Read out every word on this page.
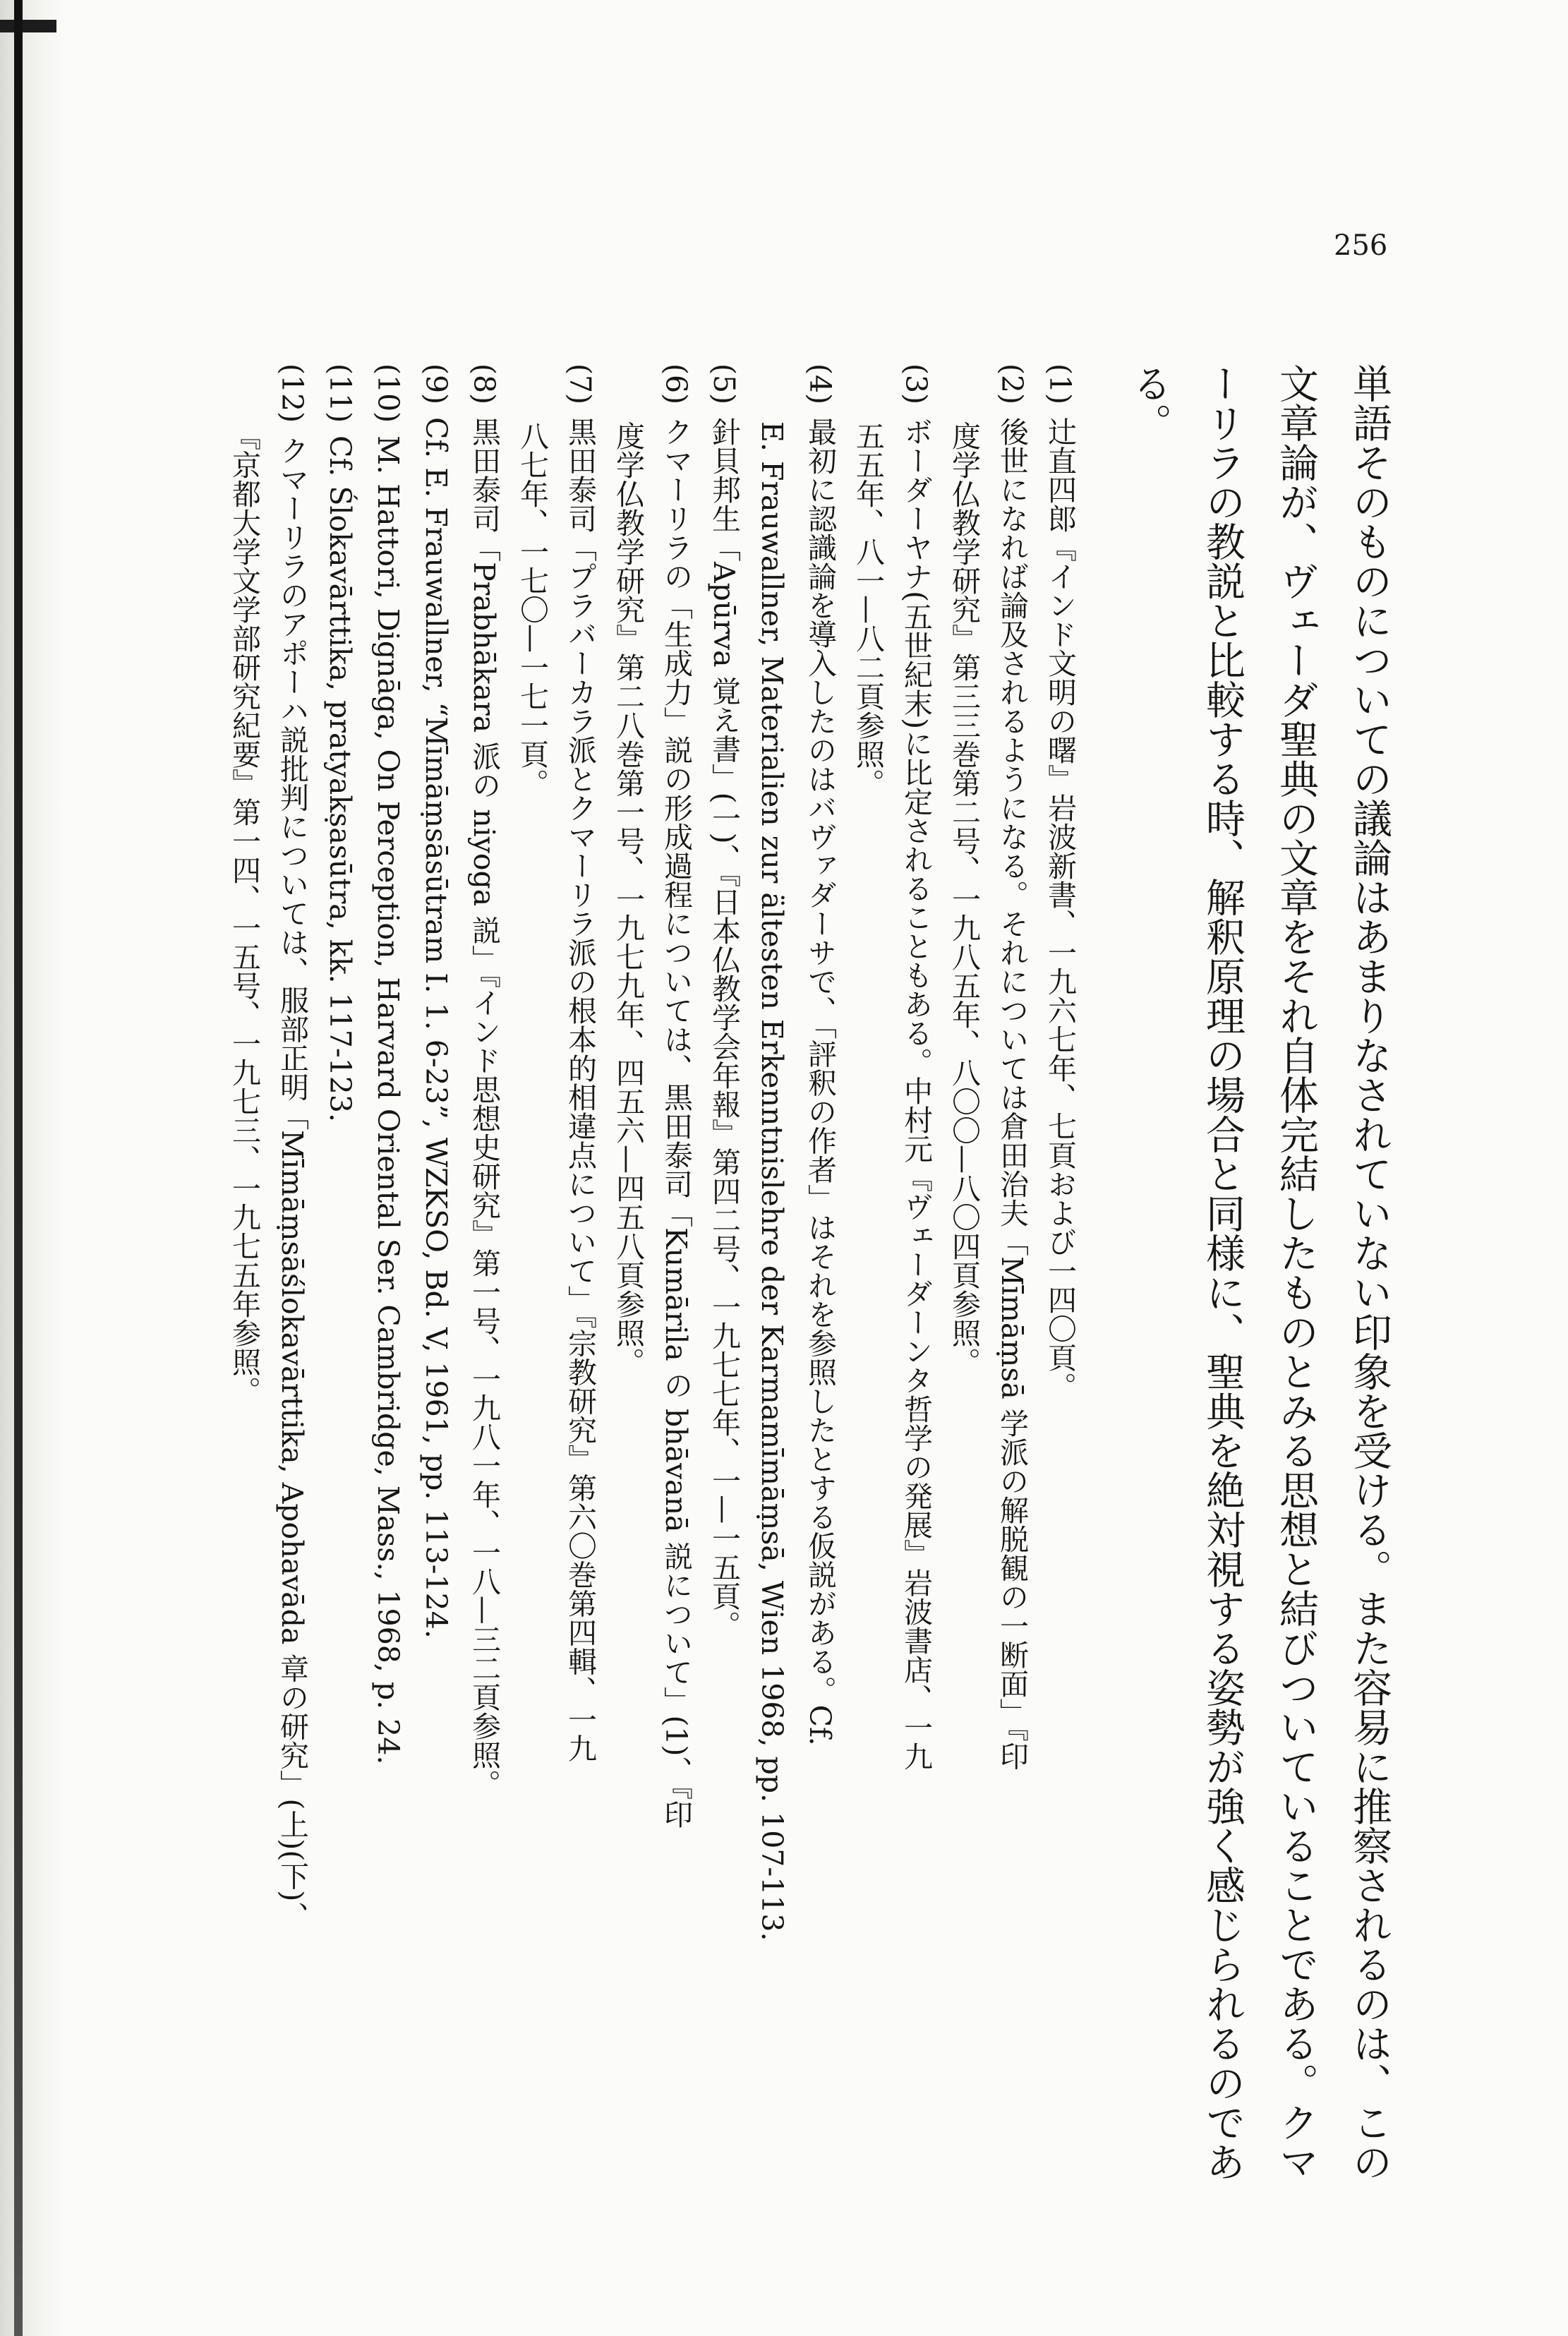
256
単語そのものについての議論はあまりなされていない印象を受ける。また容易に推察されるのは、この
文章論が、ヴェーダ聖典の文章をそれ自体完結したものとみる思想と結びついていることである。クマ
ーリラの教説と比較する時、解釈原理の場合と同様に、聖典を絶対視する姿勢が強く感じられるのであ
る。
(1)辻直四郎『インド文明の曙』岩波新書、一九六七年、七頁および一四〇頁。
(2)後世になれば論及されるようになる。それについては倉田治夫「Mīmāṃsā 学派の解脱観の一断面」『印
度学仏教学研究』第三三巻第二号、一九八五年、八〇〇—八〇四頁参照。
(3)ボーダーヤナ(五世紀末)に比定されることもある。中村元『ヴェーダーンタ哲学の発展』岩波書店、一九
五五年、八一—八二頁参照。
(4)最初に認識論を導入したのはバヴァダーサで、「評釈の作者」はそれを参照したとする仮説がある。Cf.
E. Frauwallner, Materialien zur ältesten Erkenntnislehre der Karmamīmāṃsā, Wien 1968, pp. 107-113.
(5)針貝邦生「Apūrva 覚え書」(一)、『日本仏教学会年報』第四二号、一九七七年、一—一五頁。
(6)クマーリラの「生成力」説の形成過程については、黒田泰司「Kumārila の bhāvanā 説について」(1)、『印
度学仏教学研究』第二八巻第一号、一九七九年、四五六—四五八頁参照。
(7)黒田泰司「プラバーカラ派とクマーリラ派の根本的相違点について」『宗教研究』第六〇巻第四輯、一九
八七年、一七〇—一七一頁。
(8)黒田泰司「Prabhākara 派の niyoga 説」『インド思想史研究』第一号、一九八一年、一八—三二頁参照。
(9)Cf. E. Frauwallner, “Mīmāṃsāsūtram I. 1. 6-23”, WZKSO, Bd. V, 1961, pp. 113-124.
(10)M. Hattori, Dignāga, On Perception, Harvard Oriental Ser. Cambridge, Mass., 1968, p. 24.
(11)Cf. Ślokavārttika, pratyakṣasūtra, kk. 117-123.
(12)クマーリラのアポーハ説批判については、服部正明「Mīmāṃsāślokavārttika, Apohavāda 章の研究」(上)(下)、
『京都大学文学部研究紀要』第一四、一五号、一九七三、一九七五年参照。
